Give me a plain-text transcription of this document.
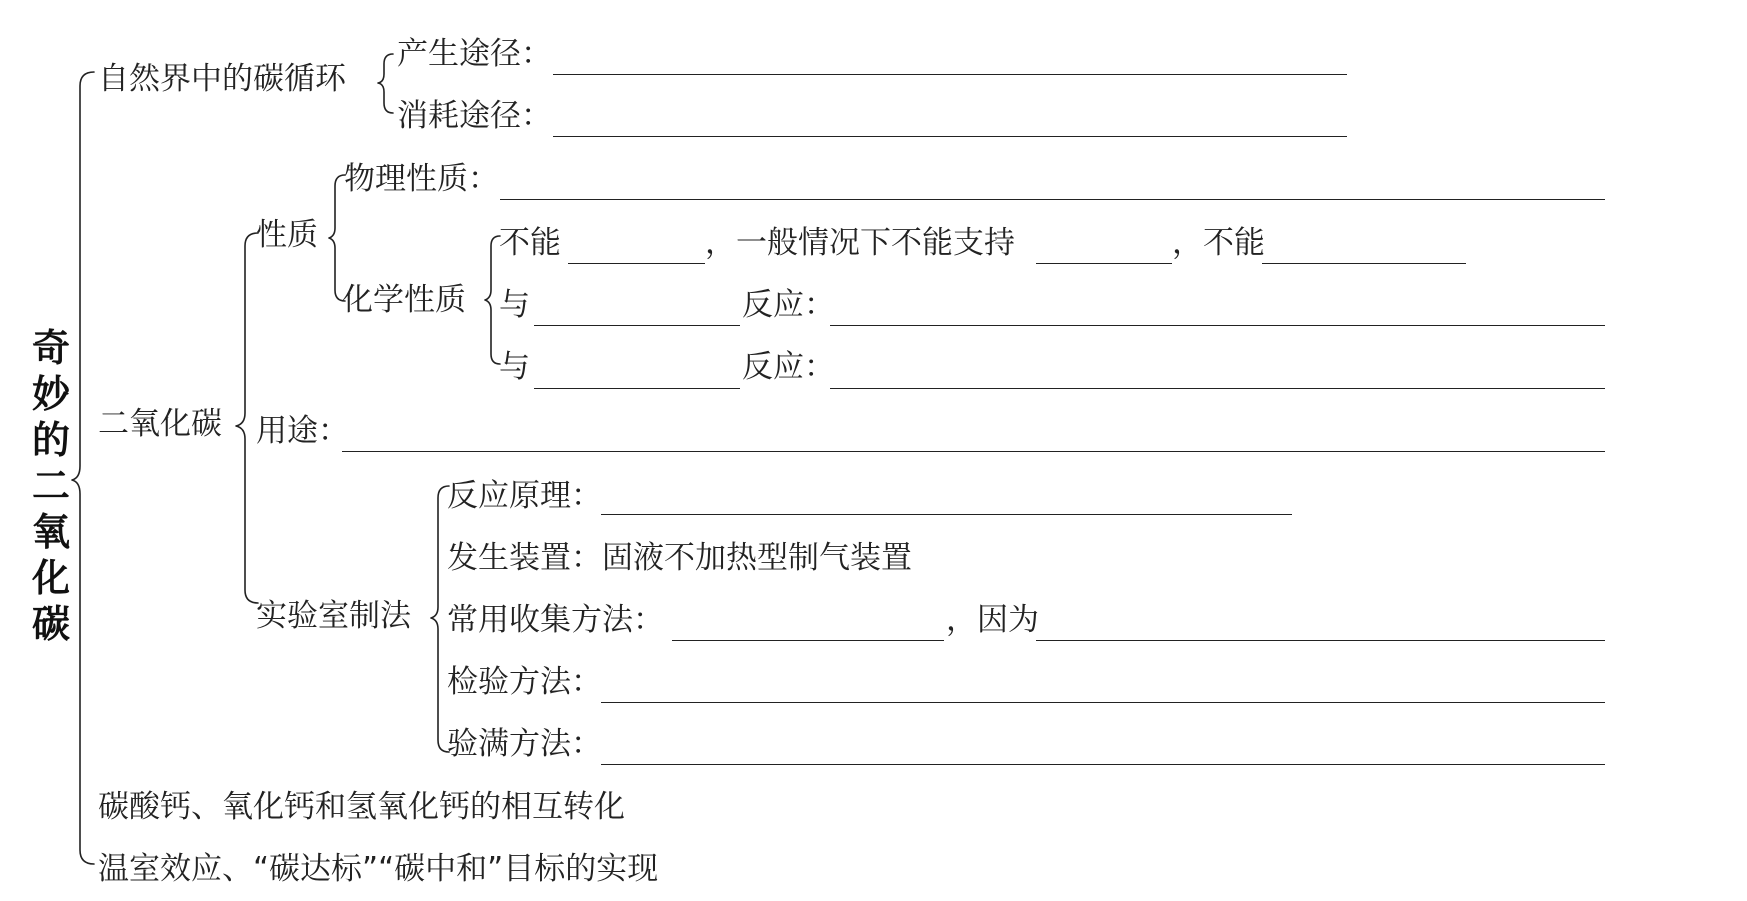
奇
妙
的
二
氧
化
碳
自然界中的碳循环
产生途径：
消耗途径：
二氧化碳
性质
物理性质：
化学性质
不能	，一般情况下不能支持	，不能
与	反应：
与	反应：
用途：
实验室制法
反应原理：
发生装置：固液不加热型制气装置
常用收集方法：	，因为
检验方法：
验满方法：
碳酸钙、氧化钙和氢氧化钙的相互转化
温室效应、“碳达标”“碳中和”目标的实现
